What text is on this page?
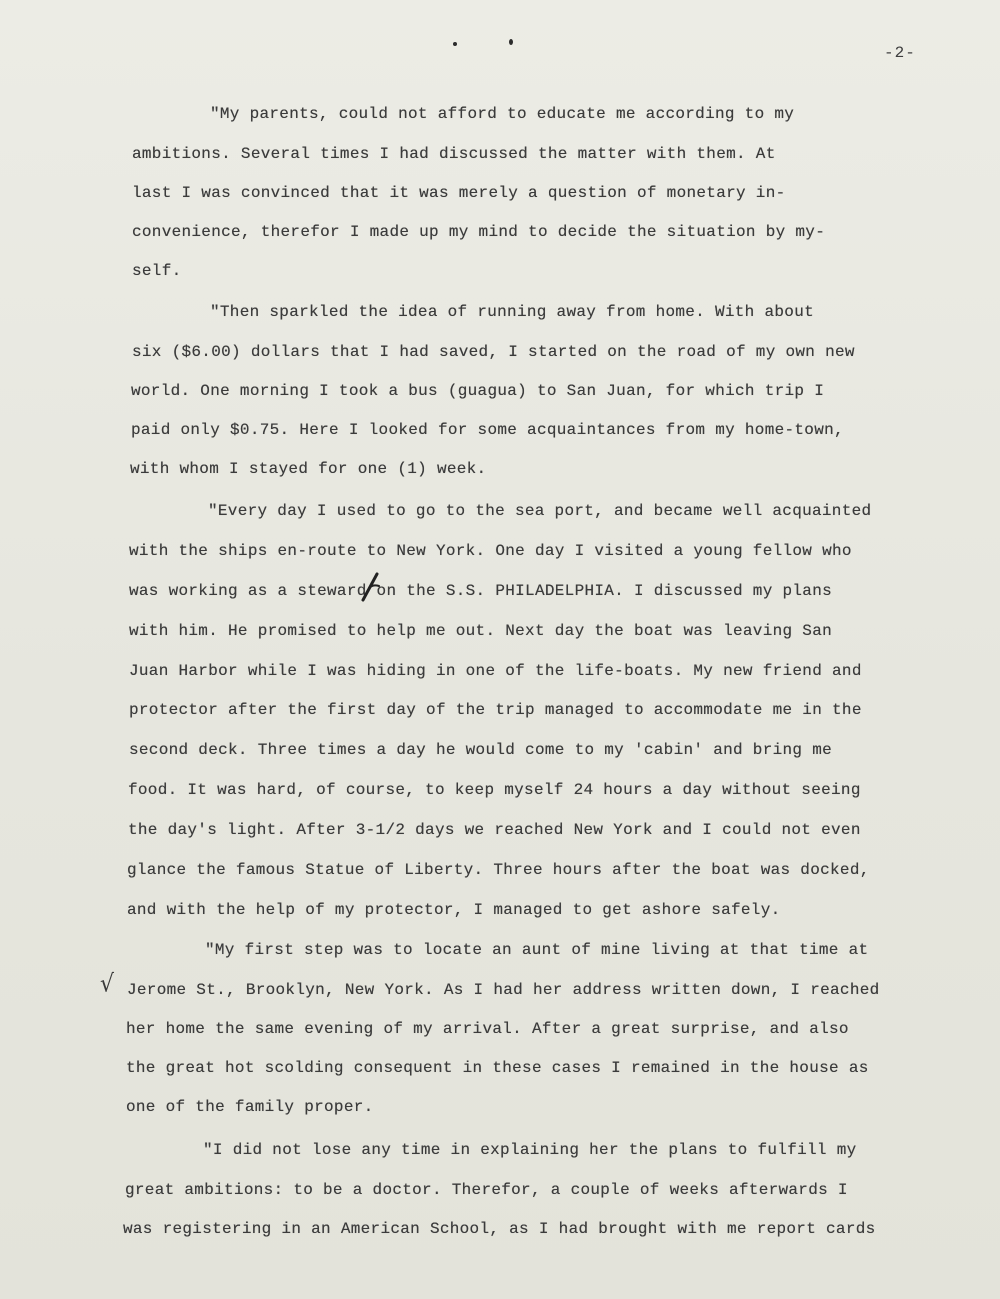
-2-
"My parents, could not afford to educate me according to my
ambitions. Several times I had discussed the matter with them. At
last I was convinced that it was merely a question of monetary in-
convenience, therefor I made up my mind to decide the situation by my-
self.
"Then sparkled the idea of running away from home. With about
six ($6.00) dollars that I had saved, I started on the road of my own new
world. One morning I took a bus (guagua) to San Juan, for which trip I
paid only $0.75. Here I looked for some acquaintances from my home-town,
with whom I stayed for one (1) week.
"Every day I used to go to the sea port, and became well acquainted
with the ships en-route to New York. One day I visited a young fellow who
was working as a steward on the S.S. PHILADELPHIA. I discussed my plans
with him. He promised to help me out. Next day the boat was leaving San
Juan Harbor while I was hiding in one of the life-boats. My new friend and
protector after the first day of the trip managed to accommodate me in the
second deck. Three times a day he would come to my 'cabin' and bring me
food. It was hard, of course, to keep myself 24 hours a day without seeing
the day's light. After 3-1/2 days we reached New York and I could not even
glance the famous Statue of Liberty. Three hours after the boat was docked,
and with the help of my protector, I managed to get ashore safely.
"My first step was to locate an aunt of mine living at that time at
Jerome St., Brooklyn, New York. As I had her address written down, I reached
her home the same evening of my arrival. After a great surprise, and also
the great hot scolding consequent in these cases I remained in the house as
one of the family proper.
"I did not lose any time in explaining her the plans to fulfill my
great ambitions: to be a doctor. Therefor, a couple of weeks afterwards I
was registering in an American School, as I had brought with me report cards
√
